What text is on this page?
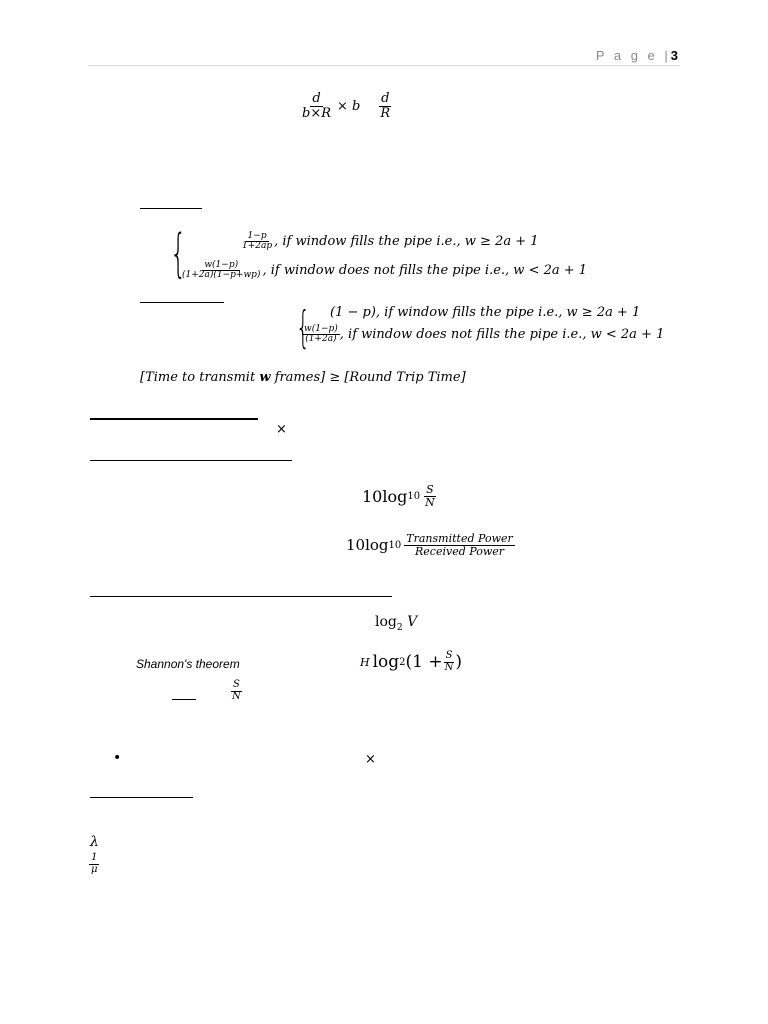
P a g e |3
$\frac{d}{b\times R} \times b \frac{d}{R}$
{	$\frac{1-p}{1+2ap}$ , if window fills the pipe i.e., w ≥ 2a + 1
$\frac{w(1-p)}{(1+2a)(1-p+wp)}$ , if window does not fills the pipe i.e., w < 2a + 1
{ (1 − p), if window fills the pipe i.e., w ≥ 2a + 1
$\frac{w(1-p)}{(1+2a)}$ , if window does not fills the pipe i.e., w < 2a + 1
[Time to transmit w frames] ≥ [Round Trip Time]
×
10log $10 \frac{S}{N}$
10log $10 \frac{\text{Transmitted Power}}{\text{Received Power}}$
$\log_2 V$
Shannon's theorem	H log 2 ($1 + \frac{S}{N}$ )
$\frac{S}{N}$
•	×
λ
$\frac{1}{\mu}$
